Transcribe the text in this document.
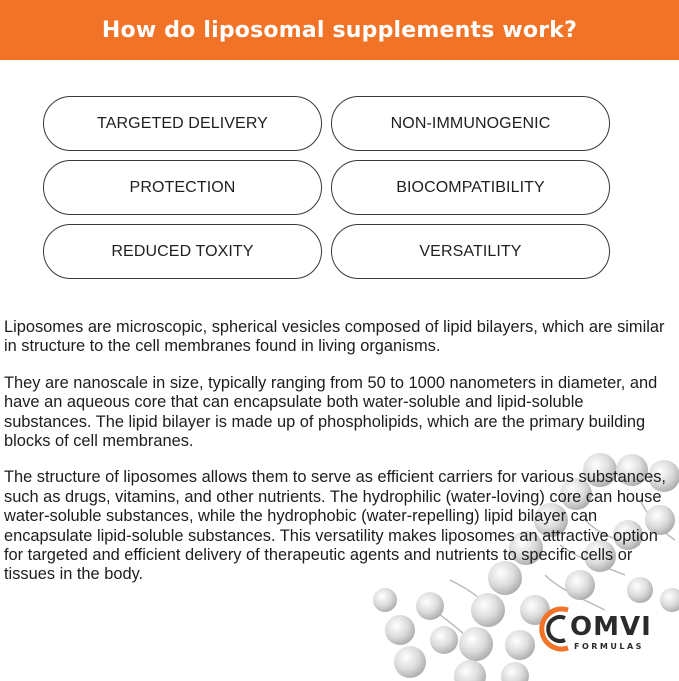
How do liposomal supplements work?
TARGETED DELIVERY	NON-IMMUNOGENIC
PROTECTION	BIOCOMPATIBILITY
REDUCED TOXITY	VERSATILITY

Liposomes are microscopic, spherical vesicles composed of lipid bilayers, which are similar in structure to the cell membranes found in living organisms.

They are nanoscale in size, typically ranging from 50 to 1000 nanometers in diameter, and have an aqueous core that can encapsulate both water-soluble and lipid-soluble substances. The lipid bilayer is made up of phospholipids, which are the primary building blocks of cell membranes.

The structure of liposomes allows them to serve as efficient carriers for various substances, such as drugs, vitamins, and other nutrients. The hydrophilic (water-loving) core can house water-soluble substances, while the hydrophobic (water-repelling) lipid bilayer can encapsulate lipid-soluble substances. This versatility makes liposomes an attractive option for targeted and efficient delivery of therapeutic agents and nutrients to specific cells or tissues in the body.

OMVI
FORMULAS
